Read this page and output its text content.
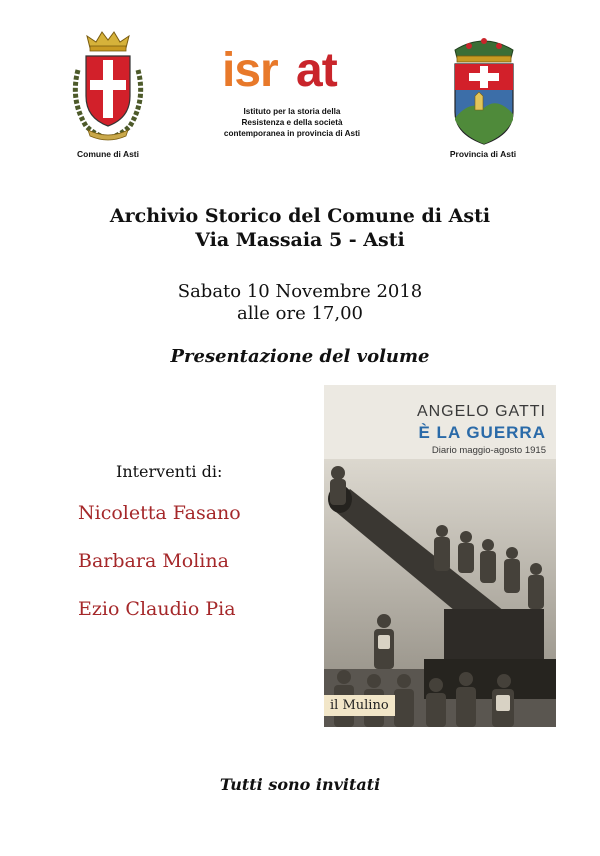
Comune di Asti
isr at
Istituto per la storia della
Resistenza e della società
contemporanea in provincia di Asti
Provincia di Asti
Archivio Storico del Comune di Asti
Via Massaia 5 - Asti
Sabato 10 Novembre 2018
alle ore 17,00
Presentazione del volume
Interventi di:
Nicoletta Fasano
Barbara Molina
Ezio Claudio Pia
ANGELO GATTI
È LA GUERRA
Diario maggio-agosto 1915
il Mulino
Tutti sono invitati
